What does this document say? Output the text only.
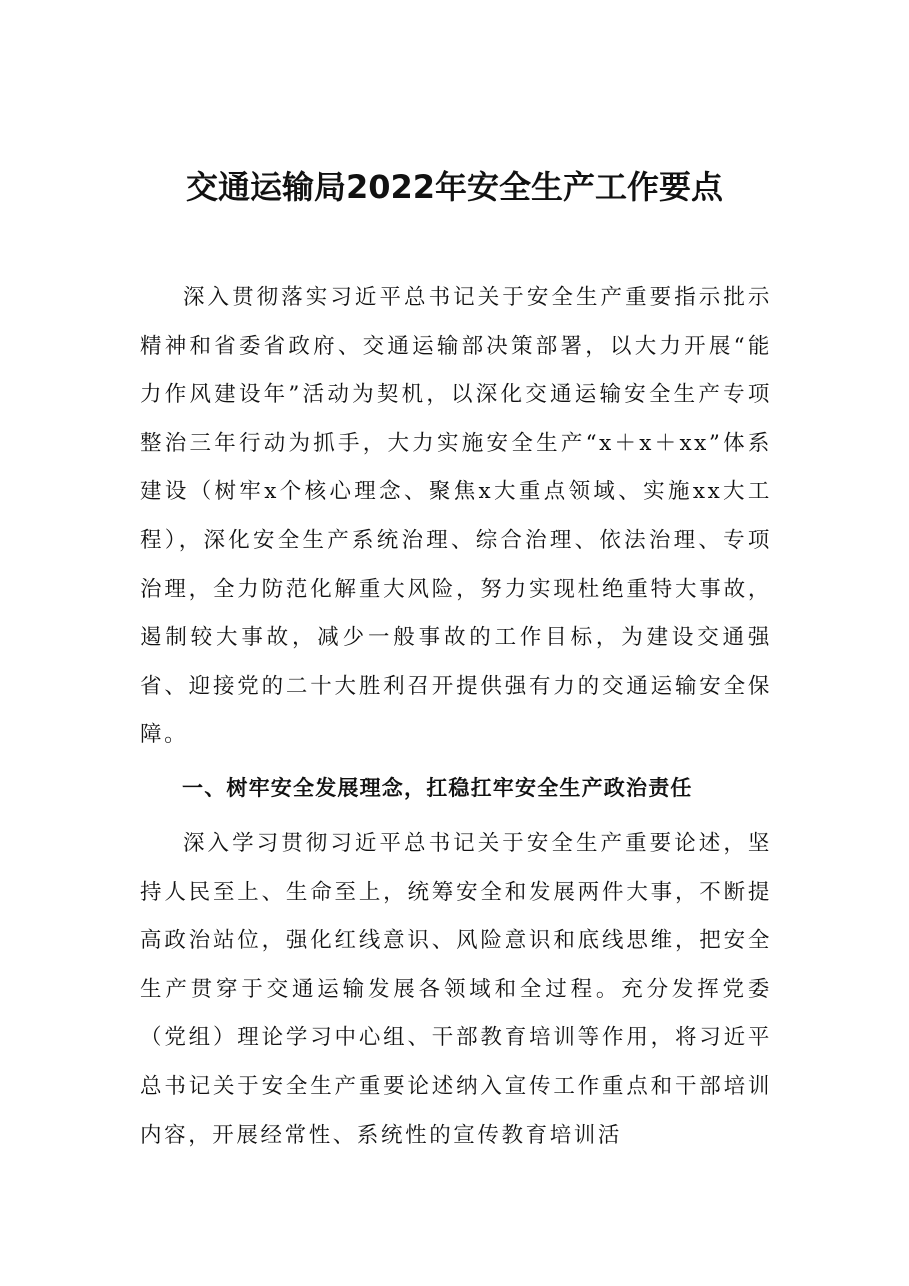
交通运输局2022年安全生产工作要点

深入贯彻落实习近平总书记关于安全生产重要指示批示精神和省委省政府、交通运输部决策部署，以大力开展“能力作风建设年”活动为契机，以深化交通运输安全生产专项整治三年行动为抓手，大力实施安全生产“x＋x＋xx”体系建设（树牢x个核心理念、聚焦x大重点领域、实施xx大工程），深化安全生产系统治理、综合治理、依法治理、专项治理，全力防范化解重大风险，努力实现杜绝重特大事故，遏制较大事故，减少一般事故的工作目标，为建设交通强省、迎接党的二十大胜利召开提供强有力的交通运输安全保障。

一、树牢安全发展理念，扛稳扛牢安全生产政治责任

深入学习贯彻习近平总书记关于安全生产重要论述，坚持人民至上、生命至上，统筹安全和发展两件大事，不断提高政治站位，强化红线意识、风险意识和底线思维，把安全生产贯穿于交通运输发展各领域和全过程。充分发挥党委（党组）理论学习中心组、干部教育培训等作用，将习近平总书记关于安全生产重要论述纳入宣传工作重点和干部培训内容，开展经常性、系统性的宣传教育培训活
